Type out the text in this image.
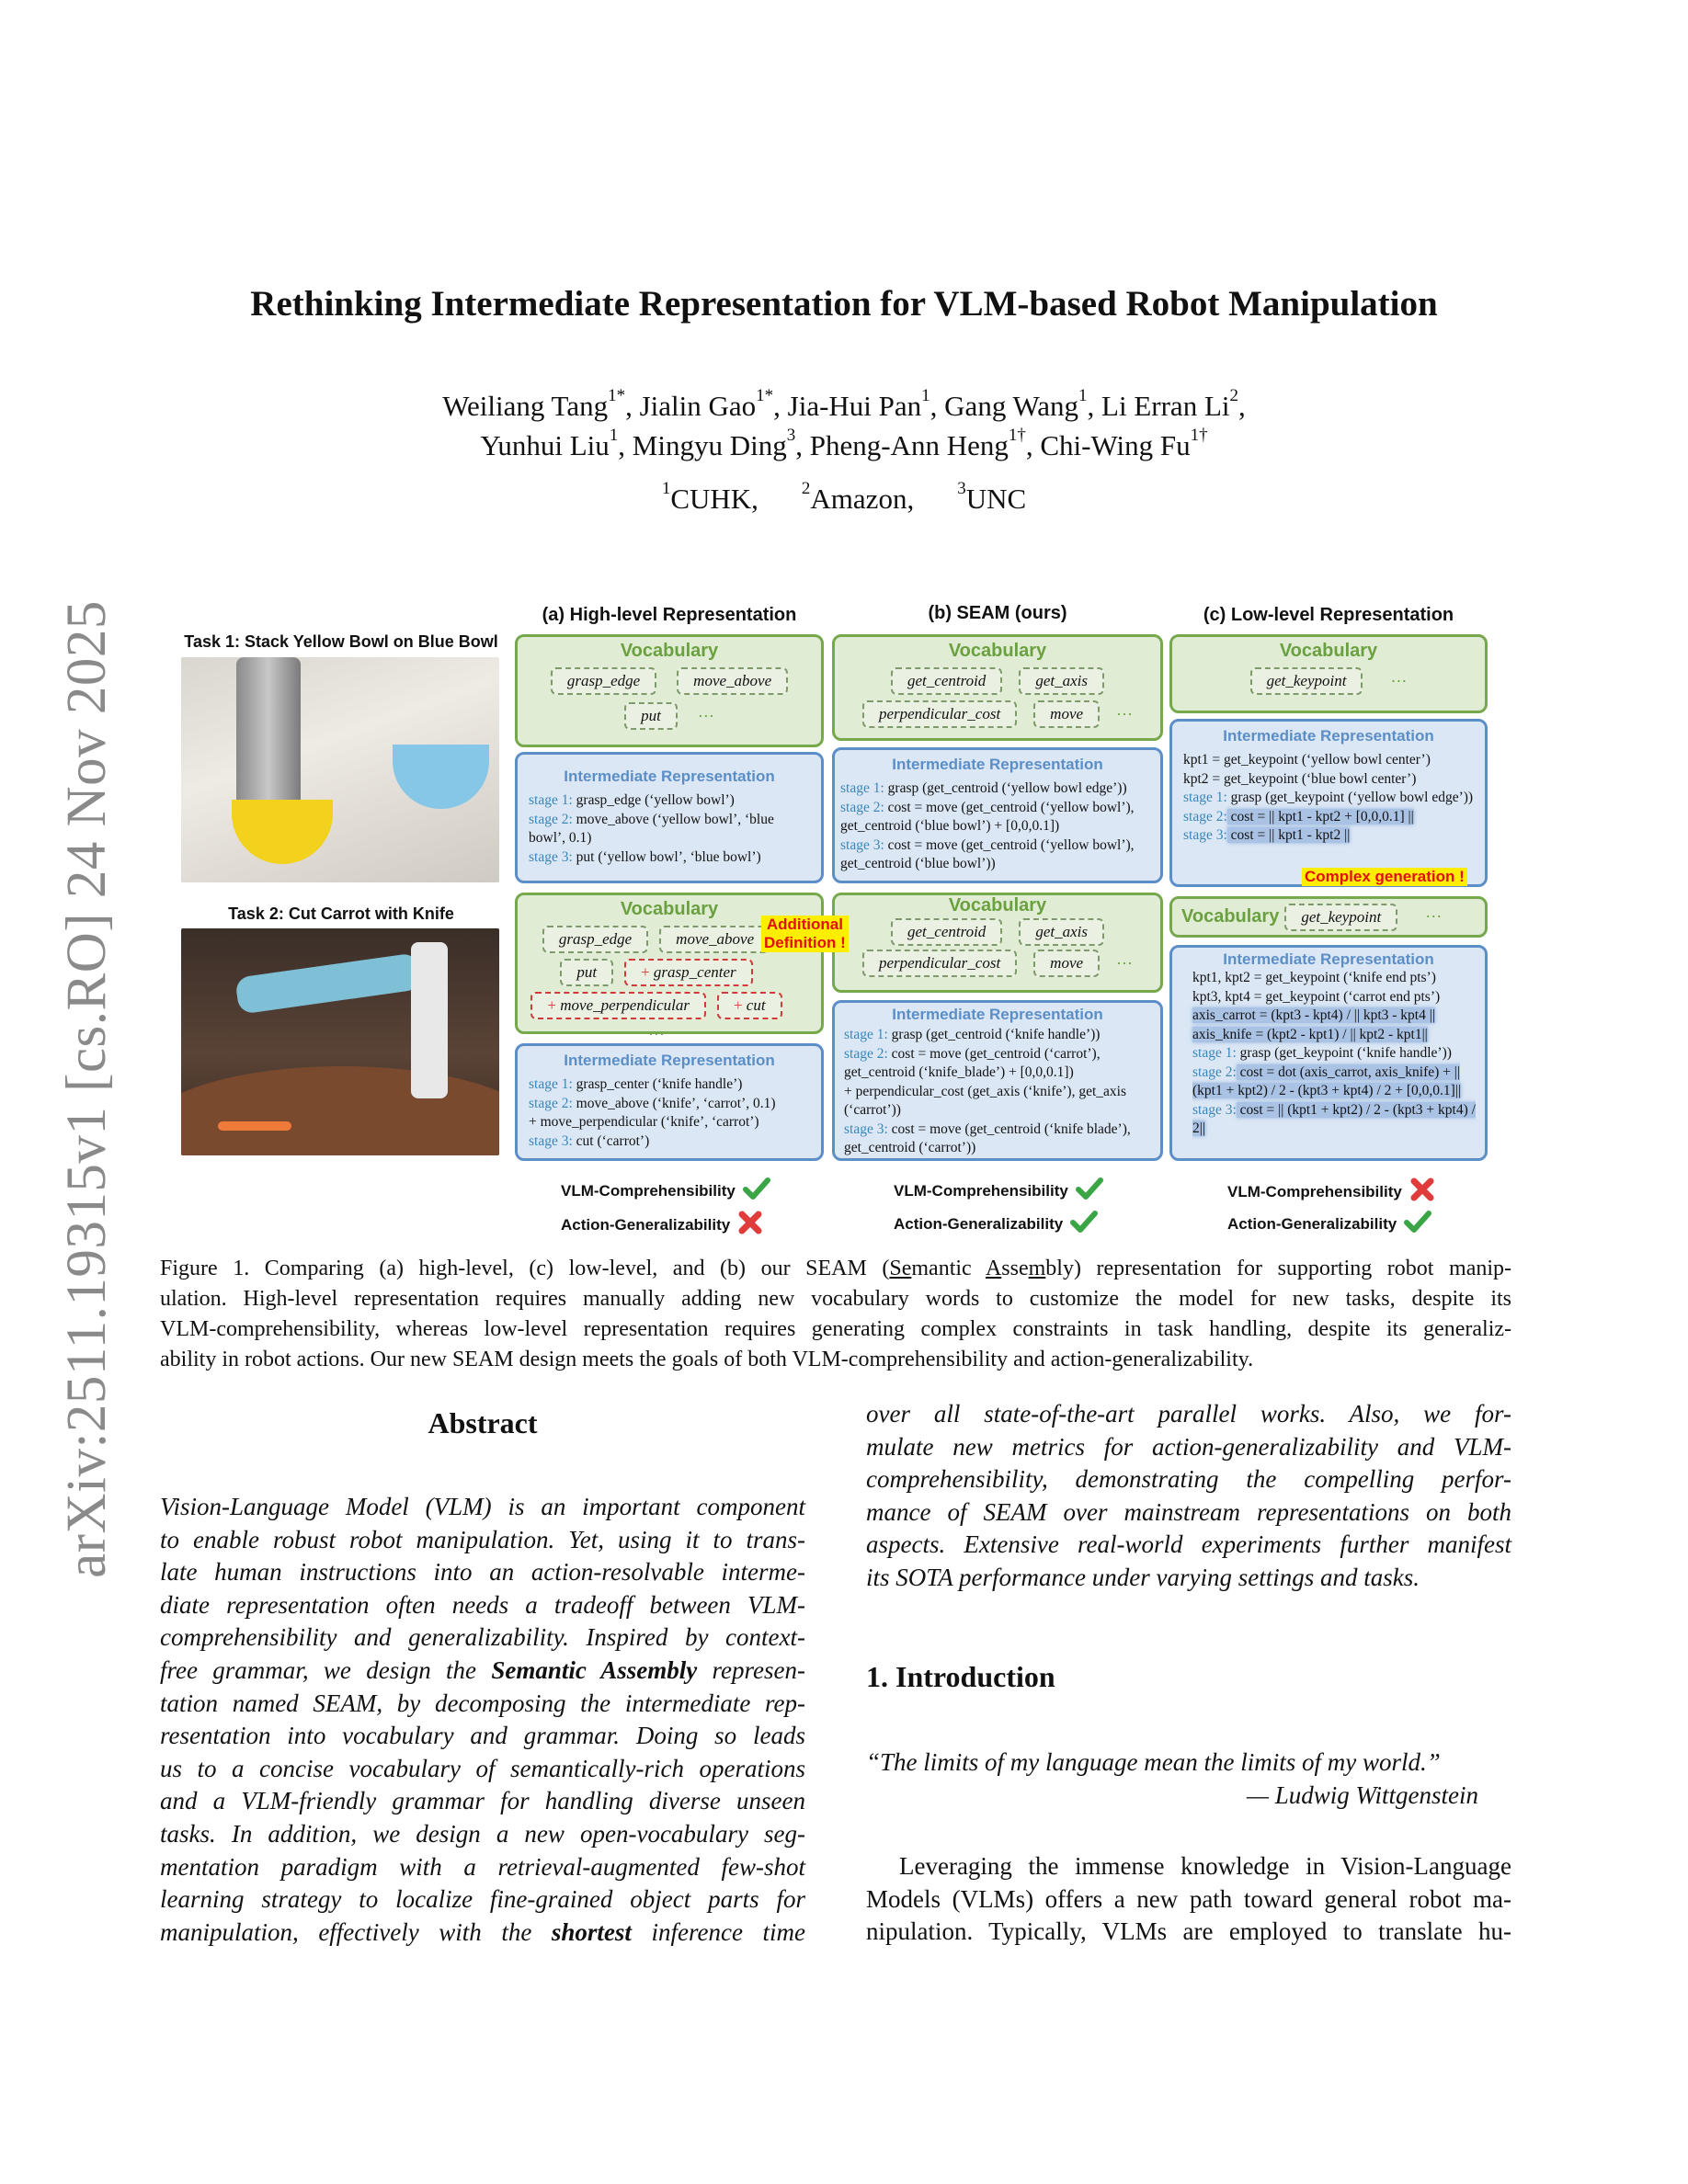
Rethinking Intermediate Representation for VLM-based Robot Manipulation
Weiliang Tang$^{1*}$, Jialin Gao$^{1*}$, Jia-Hui Pan$^1$, Gang Wang$^1$, Li Erran Li$^2$,
Yunhui Liu$^1$, Mingyu Ding$^3$, Pheng-Ann Heng$^{1\dagger}$, Chi-Wing $Fu^{1\dagger}$
$^1$CUHK, $^2$Amazon, $^3$UNC
arXiv:2511.19315v1 [cs.RO] 24 Nov 2025	(a) High-level Representation	(b) SEAM (ours)	(c) Low-level Representation
Task 1: Stack Yellow Bowl on Blue Bowl
Task 2: Cut Carrot with Knife
Vocabulary
grasp_edge	move_above
put	···
Intermediate Representation
stage 1: grasp_edge (‘yellow bowl’)
stage 2: move_above (‘yellow bowl’, ‘blue bowl’, 0.1)
stage 3: put (‘yellow bowl’, ‘blue bowl’)
Vocabulary
get_centroid	get_axis
perpendicular_cost	move	···
Intermediate Representation
stage 1: grasp (get_centroid (‘yellow bowl edge’))
stage 2: cost = move (get_centroid (‘yellow bowl’), get_centroid (‘blue bowl’) + [0,0,0.1])
stage 3: cost = move (get_centroid (‘yellow bowl’), get_centroid (‘blue bowl’))
Vocabulary
get_keypoint	···
Intermediate Representation
kpt1 = get_keypoint (‘yellow bowl center’)
kpt2 = get_keypoint (‘blue bowl center’)
stage 1: grasp (get_keypoint (‘yellow bowl edge’))
stage 2: cost = || kpt1 - kpt2 + [0,0,0.1] ||
stage 3: cost = || kpt1 - kpt2 ||
Complex generation !
Vocabulary
grasp_edge	move_above
put	+ grasp_center
+ move_perpendicular	+ cut
···
Intermediate Representation
stage 1: grasp_center (‘knife handle’)
stage 2: move_above (‘knife’, ‘carrot’, 0.1)
+ move_perpendicular (‘knife’, ‘carrot’)
stage 3: cut (‘carrot’)
Vocabulary
get_centroid	get_axis
perpendicular_cost	move	···
Intermediate Representation
stage 1: grasp (get_centroid (‘knife handle’))
stage 2: cost = move (get_centroid (‘carrot’), get_centroid (‘knife_blade’) + [0,0,0.1])
+ perpendicular_cost (get_axis (‘knife’), get_axis (‘carrot’))
stage 3: cost = move (get_centroid (‘knife blade’), get_centroid (‘carrot’))
Additional
Definition !
Vocabulary	get_keypoint	···
Intermediate Representation
kpt1, kpt2 = get_keypoint (‘knife end pts’)
kpt3, kpt4 = get_keypoint (‘carrot end pts’)
axis_carrot = (kpt3 - kpt4) / || kpt3 - kpt4 ||
axis_knife = (kpt2 - kpt1) / || kpt2 - kpt1||
stage 1: grasp (get_keypoint (‘knife handle’))
stage 2: cost = dot (axis_carrot, axis_knife) + || (kpt1 + kpt2) / 2 - (kpt3 + kpt4) / 2 + [0,0,0.1]||
stage 3: cost = || (kpt1 + kpt2) / 2 - (kpt3 + kpt4) / 2||
VLM-Comprehensibility
Action-Generalizability
VLM-Comprehensibility
Action-Generalizability
VLM-Comprehensibility
Action-Generalizability
Figure 1. Comparing (a) high-level, (c) low-level, and (b) our SEAM (Semantic Assembly) representation for supporting robot manip-
ulation. High-level representation requires manually adding new vocabulary words to customize the model for new tasks, despite its
VLM-comprehensibility, whereas low-level representation requires generating complex constraints in task handling, despite its generaliz-
ability in robot actions. Our new SEAM design meets the goals of both VLM-comprehensibility and action-generalizability.
Abstract
Vision-Language Model (VLM) is an important component
to enable robust robot manipulation. Yet, using it to trans-
late human instructions into an action-resolvable interme-
diate representation often needs a tradeoff between VLM-
comprehensibility and generalizability. Inspired by context-
free grammar, we design the Semantic Assembly represen-
tation named SEAM, by decomposing the intermediate rep-
resentation into vocabulary and grammar. Doing so leads
us to a concise vocabulary of semantically-rich operations
and a VLM-friendly grammar for handling diverse unseen
tasks. In addition, we design a new open-vocabulary seg-
mentation paradigm with a retrieval-augmented few-shot
learning strategy to localize fine-grained object parts for
manipulation, effectively with the shortest inference time
over all state-of-the-art parallel works. Also, we for-
mulate new metrics for action-generalizability and VLM-
comprehensibility, demonstrating the compelling perfor-
mance of SEAM over mainstream representations on both
aspects. Extensive real-world experiments further manifest
its SOTA performance under varying settings and tasks.
1. Introduction
“The limits of my language mean the limits of my world.”
— Ludwig Wittgenstein
Leveraging the immense knowledge in Vision-Language
Models (VLMs) offers a new path toward general robot ma-
nipulation. Typically, VLMs are employed to translate hu-
